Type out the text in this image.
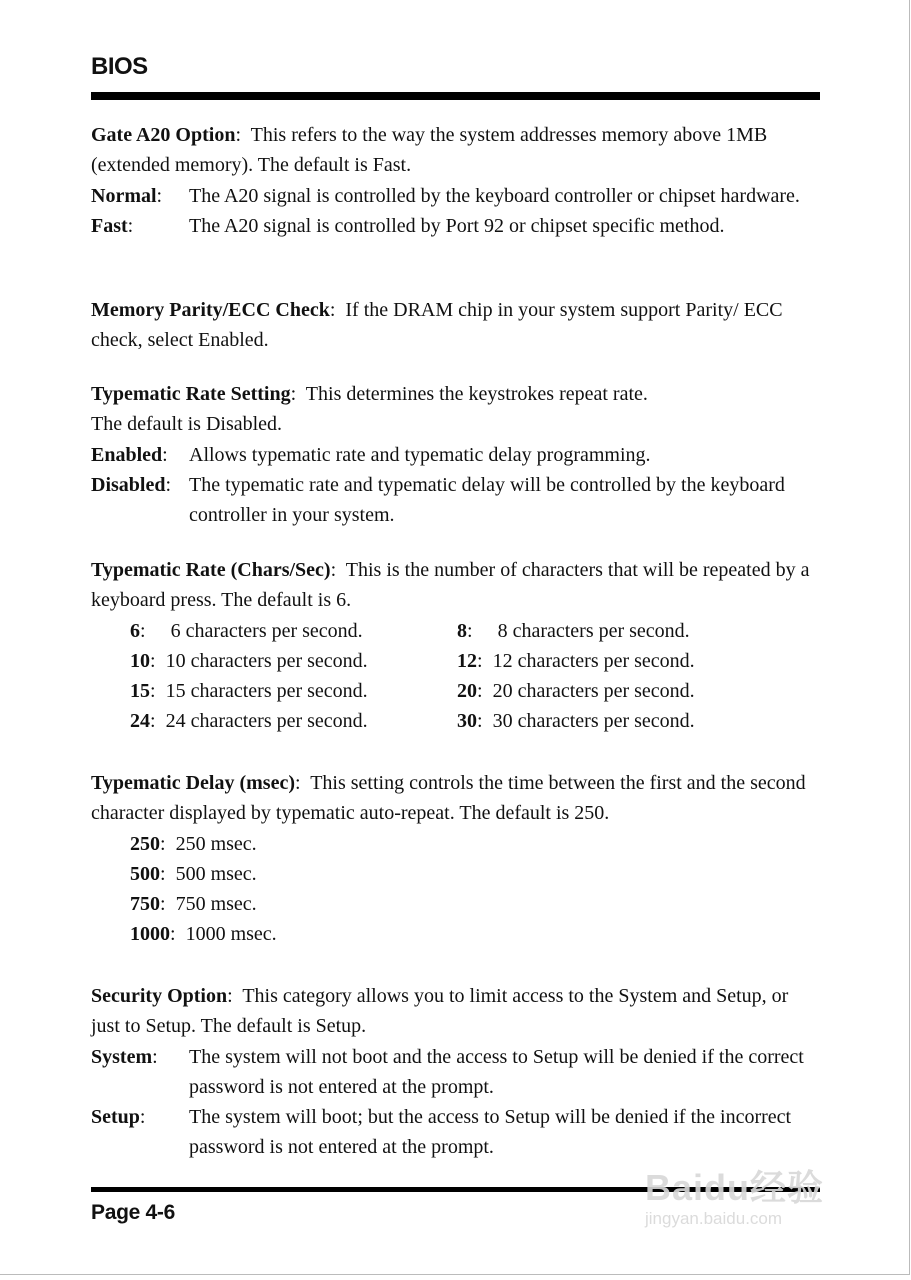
BIOS
Gate A20 Option:  This refers to the way the system addresses memory above 1MB (extended memory). The default is Fast.
Normal:	The A20 signal is controlled by the keyboard controller or chipset hardware.
Fast:	The A20 signal is controlled by Port 92 or chipset specific method.
Memory Parity/ECC Check:  If the DRAM chip in your system support Parity/ ECC check, select Enabled.
Typematic Rate Setting:  This determines the keystrokes repeat rate.
The default is Disabled.
Enabled:	Allows typematic rate and typematic delay programming.
Disabled: The typematic rate and typematic delay will be controlled by the keyboard controller in your system.
Typematic Rate (Chars/Sec):  This is the number of characters that will be repeated by a keyboard press. The default is 6.
6:     6 characters per second.	8:     8 characters per second.
10:  10 characters per second.	12:  12 characters per second.
15:  15 characters per second.	20:  20 characters per second.
24:  24 characters per second.	30:  30 characters per second.
Typematic Delay (msec):  This setting controls the time between the first and the second character displayed by typematic auto-repeat. The default is 250.
250:  250 msec.
500:  500 msec.
750:  750 msec.
1000:  1000 msec.
Security Option:  This category allows you to limit access to the System and Setup, or just to Setup. The default is Setup.
System:	The system will not boot and the access to Setup will be denied if the correct password is not entered at the prompt.
Setup:	The system will boot; but the access to Setup will be denied if the incorrect password is not entered at the prompt.
Page 4-6
Baidu经验
jingyan.baidu.com
